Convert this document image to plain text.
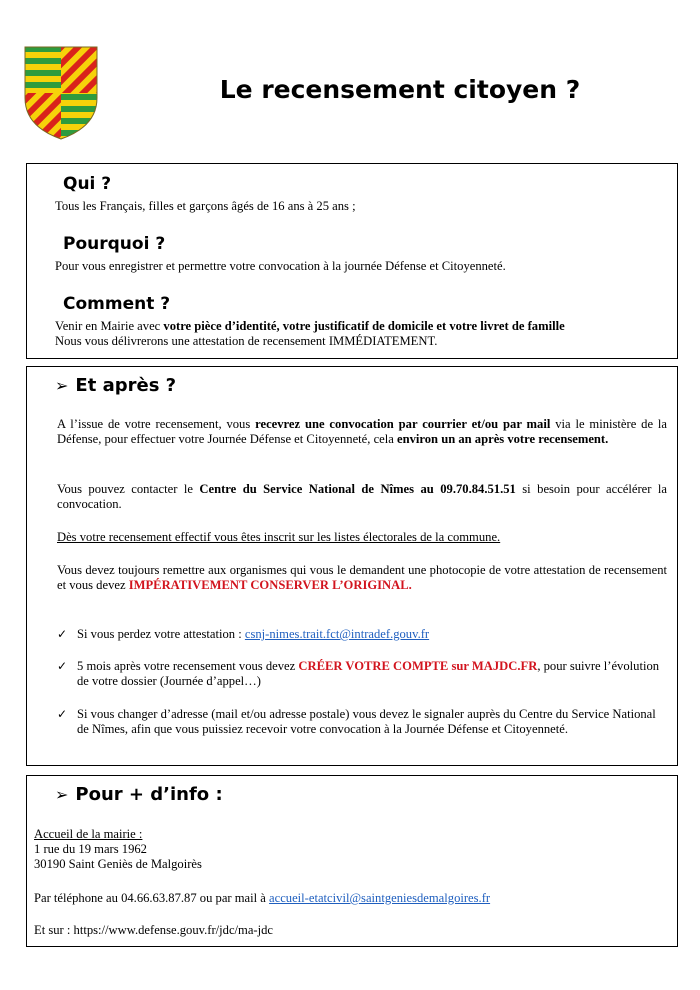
Le recensement citoyen ?
Qui ?

Tous les Français, filles et garçons âgés de 16 ans à 25 ans ;

Pourquoi ?

Pour vous enregistrer et permettre votre convocation à la journée Défense et Citoyenneté.

Comment ?

Venir en Mairie avec votre pièce d’identité, votre justificatif de domicile et votre livret de famille

Nous vous délivrerons une attestation de recensement IMMÉDIATEMENT.

➢ Et après ?

A l’issue de votre recensement, vous recevrez une convocation par courrier et/ou par mail via le ministère de la Défense, pour effectuer votre Journée Défense et Citoyenneté, cela environ un an après votre recensement.

Vous pouvez contacter le Centre du Service National de Nîmes au 09.70.84.51.51 si besoin pour accélérer la convocation.

Dès votre recensement effectif vous êtes inscrit sur les listes électorales de la commune.

Vous devez toujours remettre aux organismes qui vous le demandent une photocopie de votre attestation de recensement et vous devez IMPÉRATIVEMENT CONSERVER L’ORIGINAL.

✓ Si vous perdez votre attestation : csnj-nimes.trait.fct@intradef.gouv.fr
✓ 5 mois après votre recensement vous devez CRÉER VOTRE COMPTE sur MAJDC.FR, pour suivre l’évolution de votre dossier (Journée d’appel…)
✓ Si vous changer d’adresse (mail et/ou adresse postale) vous devez le signaler auprès du Centre du Service National de Nîmes, afin que vous puissiez recevoir votre convocation à la Journée Défense et Citoyenneté.
➢ Pour + d’info :

Accueil de la mairie :

1 rue du 19 mars 1962

30190 Saint Geniès de Malgoirès

Par téléphone au 04.66.63.87.87 ou par mail à accueil-etatcivil@saintgeniesdemalgoires.fr

Et sur : https://www.defense.gouv.fr/jdc/ma-jdc
